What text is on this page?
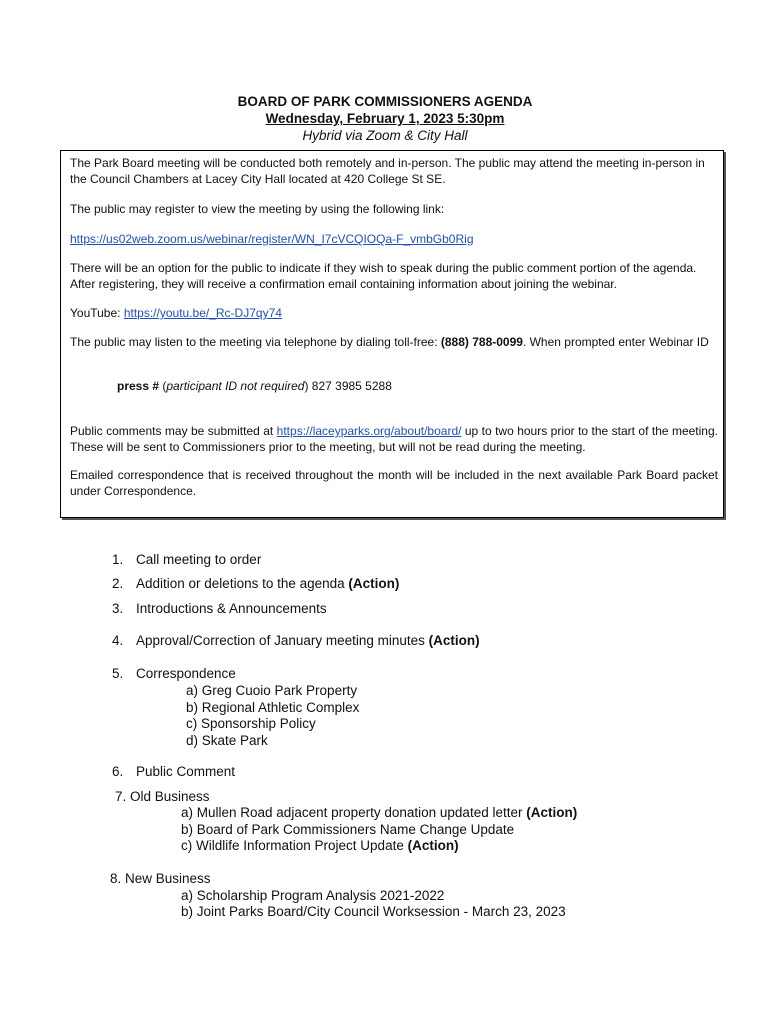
BOARD OF PARK COMMISSIONERS AGENDA
Wednesday, February 1, 2023 5:30pm
Hybrid via Zoom & City Hall

The Park Board meeting will be conducted both remotely and in-person. The public may attend the meeting in-person in the Council Chambers at Lacey City Hall located at 420 College St SE.

The public may register to view the meeting by using the following link:

https://us02web.zoom.us/webinar/register/WN_I7cVCQIOQa-F_vmbGb0Rig

There will be an option for the public to indicate if they wish to speak during the public comment portion of the agenda. After registering, they will receive a confirmation email containing information about joining the webinar.

YouTube: https://youtu.be/_Rc-DJ7qy74

The public may listen to the meeting via telephone by dialing toll-free: (888) 788-0099. When prompted enter Webinar ID

press # (participant ID not required) 827 3985 5288

Public comments may be submitted at https://laceyparks.org/about/board/ up to two hours prior to the start of the meeting. These will be sent to Commissioners prior to the meeting, but will not be read during the meeting.

Emailed correspondence that is received throughout the month will be included in the next available Park Board packet under Correspondence.

1. Call meeting to order
2. Addition or deletions to the agenda (Action)
3. Introductions & Announcements
4. Approval/Correction of January meeting minutes (Action)
5. Correspondence
a) Greg Cuoio Park Property
b) Regional Athletic Complex
c) Sponsorship Policy
d) Skate Park
6. Public Comment
7. Old Business
a) Mullen Road adjacent property donation updated letter (Action)
b) Board of Park Commissioners Name Change Update
c) Wildlife Information Project Update (Action)
8. New Business
a) Scholarship Program Analysis 2021-2022
b) Joint Parks Board/City Council Worksession - March 23, 2023
